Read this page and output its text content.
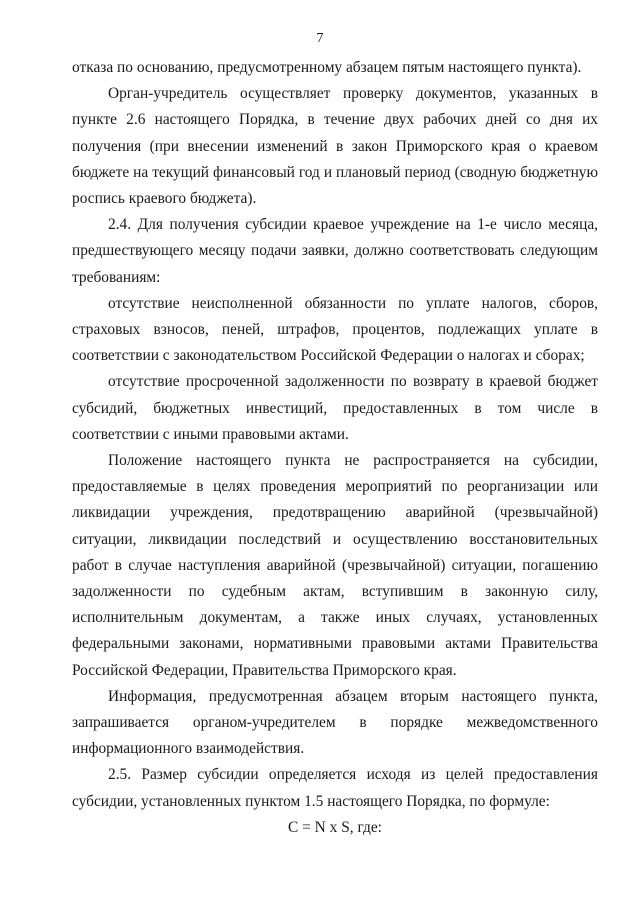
7

отказа по основанию, предусмотренному абзацем пятым настоящего пункта).

Орган-учредитель осуществляет проверку документов, указанных в пункте 2.6 настоящего Порядка, в течение двух рабочих дней со дня их получения (при внесении изменений в закон Приморского края о краевом бюджете на текущий финансовый год и плановый период (сводную бюджетную роспись краевого бюджета).

2.4. Для получения субсидии краевое учреждение на 1-е число месяца, предшествующего месяцу подачи заявки, должно соответствовать следующим требованиям:

отсутствие неисполненной обязанности по уплате налогов, сборов, страховых взносов, пеней, штрафов, процентов, подлежащих уплате в соответствии с законодательством Российской Федерации о налогах и сборах;

отсутствие просроченной задолженности по возврату в краевой бюджет субсидий, бюджетных инвестиций, предоставленных в том числе в соответствии с иными правовыми актами.

Положение настоящего пункта не распространяется на субсидии, предоставляемые в целях проведения мероприятий по реорганизации или ликвидации учреждения, предотвращению аварийной (чрезвычайной) ситуации, ликвидации последствий и осуществлению восстановительных работ в случае наступления аварийной (чрезвычайной) ситуации, погашению задолженности по судебным актам, вступившим в законную силу, исполнительным документам, а также иных случаях, установленных федеральными законами, нормативными правовыми актами Правительства Российской Федерации, Правительства Приморского края.

Информация, предусмотренная абзацем вторым настоящего пункта, запрашивается органом-учредителем в порядке межведомственного информационного взаимодействия.

2.5. Размер субсидии определяется исходя из целей предоставления субсидии, установленных пунктом 1.5 настоящего Порядка, по формуле:

C = N x S, где:
